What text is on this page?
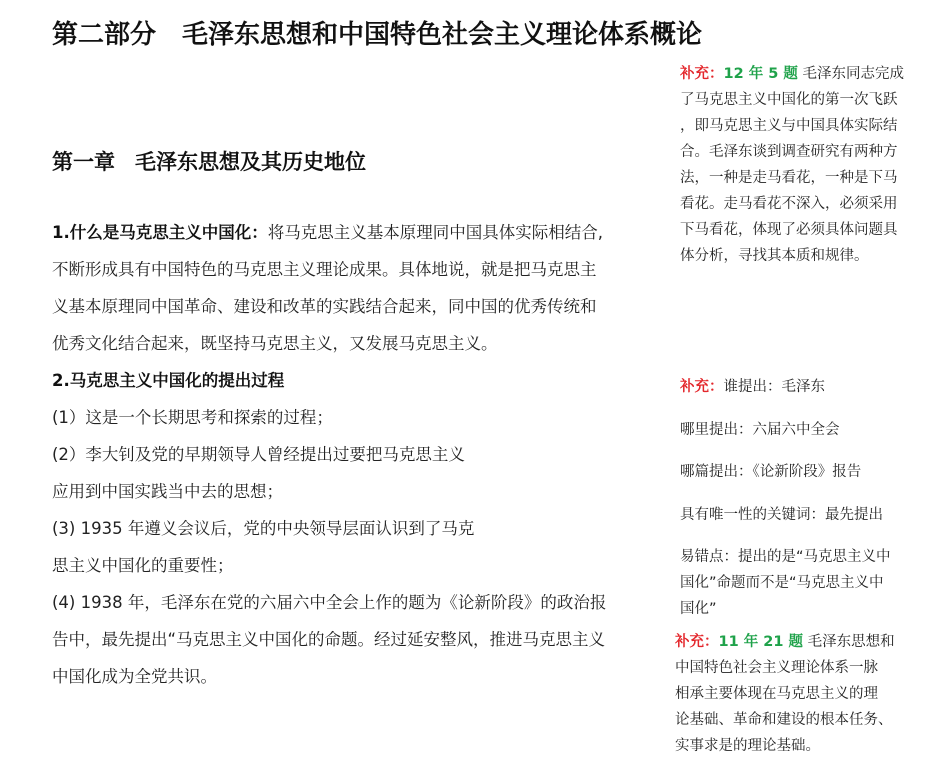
第二部分 毛泽东思想和中国特色社会主义理论体系概论
第一章 毛泽东思想及其历史地位
1.什么是马克思主义中国化：将马克思主义基本原理同中国具体实际相结合,
不断形成具有中国特色的马克思主义理论成果。具体地说，就是把马克思主
义基本原理同中国革命、建设和改革的实践结合起来，同中国的优秀传统和
优秀文化结合起来，既坚持马克思主义，又发展马克思主义。
2.马克思主义中国化的提出过程
(1）这是一个长期思考和探索的过程；
(2）李大钊及党的早期领导人曾经提出过要把马克思主义
应用到中国实践当中去的思想；
(3) 1935 年遵义会议后，党的中央领导层面认识到了马克
思主义中国化的重要性；
(4) 1938 年，毛泽东在党的六届六中全会上作的题为《论新阶段》的政治报
告中，最先提出“马克思主义中国化的命题。经过延安整风，推进马克思主义
中国化成为全党共识。
补充：12 年 5 题 毛泽东同志完成
了马克思主义中国化的第一次飞跃
，即马克思主义与中国具体实际结
合。毛泽东谈到调查研究有两种方
法，一种是走马看花，一种是下马
看花。走马看花不深入，必须采用
下马看花，体现了必须具体问题具
体分析，寻找其本质和规律。
补充：谁提出：毛泽东
哪里提出：六届六中全会
哪篇提出：《论新阶段》报告
具有唯一性的关键词：最先提出
易错点：提出的是“马克思主义中
国化”命题而不是“马克思主义中
国化”
补充：11 年 21 题 毛泽东思想和
中国特色社会主义理论体系一脉
相承主要体现在马克思主义的理
论基础、革命和建设的根本任务、
实事求是的理论基础。
